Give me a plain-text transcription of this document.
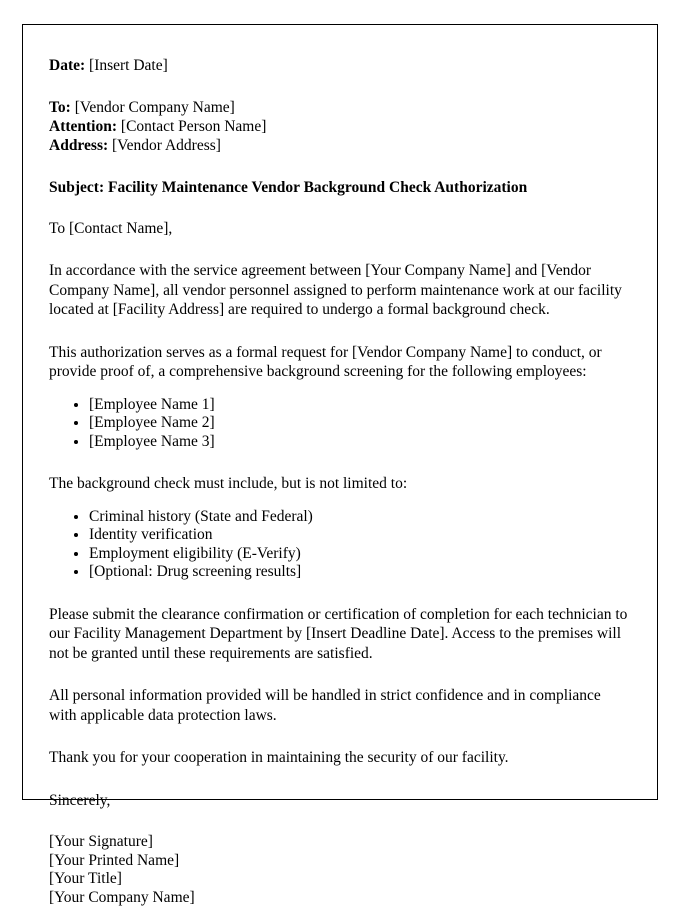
Date: [Insert Date]
To: [Vendor Company Name]
Attention: [Contact Person Name]
Address: [Vendor Address]
Subject: Facility Maintenance Vendor Background Check Authorization
To [Contact Name],

In accordance with the service agreement between [Your Company Name] and [Vendor Company Name], all vendor personnel assigned to perform maintenance work at our facility located at [Facility Address] are required to undergo a formal background check.

This authorization serves as a formal request for [Vendor Company Name] to conduct, or provide proof of, a comprehensive background screening for the following employees:

• [Employee Name 1]
• [Employee Name 2]
• [Employee Name 3]

The background check must include, but is not limited to:

• Criminal history (State and Federal)
• Identity verification
• Employment eligibility (E-Verify)
• [Optional: Drug screening results]

Please submit the clearance confirmation or certification of completion for each technician to our Facility Management Department by [Insert Deadline Date]. Access to the premises will not be granted until these requirements are satisfied.

All personal information provided will be handled in strict confidence and in compliance with applicable data protection laws.

Thank you for your cooperation in maintaining the security of our facility.

Sincerely,

[Your Signature]
[Your Printed Name]
[Your Title]
[Your Company Name]
